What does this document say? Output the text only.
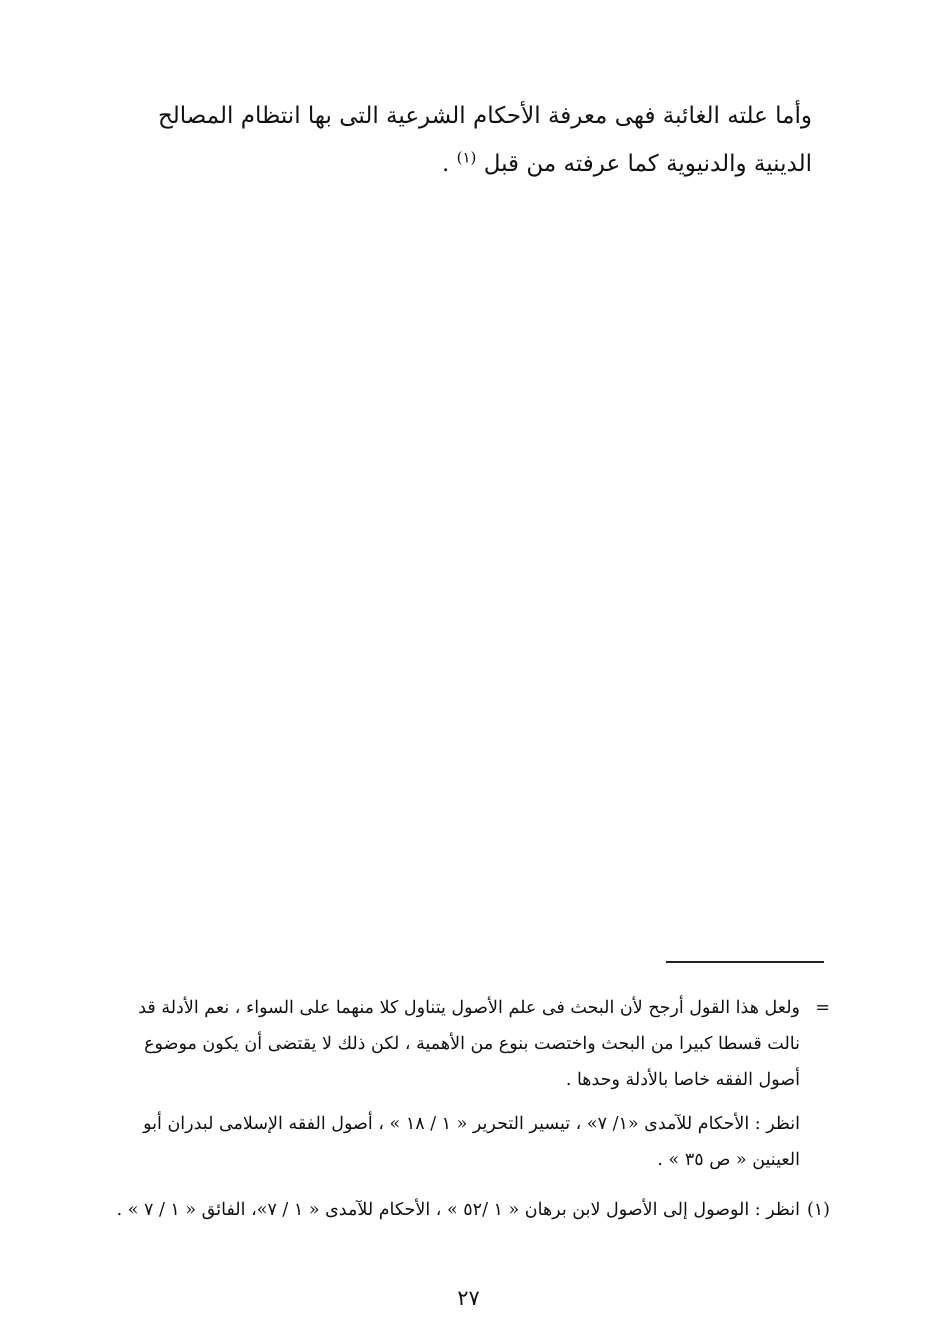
وأما علته الغائبة فهى معرفة الأحكام الشرعية التى بها انتظام المصالح

الدينية والدنيوية كما عرفته من قبل $^{(١)}$ .

=
ولعل هذا القول أرجح لأن البحث فى علم الأصول يتناول كلا منهما على السواء ، نعم الأدلة قد نالت قسطا كبيرا من البحث واختصت بنوع من الأهمية ، لكن ذلك لا يقتضى أن يكون موضوع أصول الفقه خاصا بالأدلة وحدها .
انظر : الأحكام للآمدى «١/ ٧» ، تيسير التحرير « ١ / ١٨ » ، أصول الفقه الإسلامى لبدران أبو العينين « ص ٣٥ » .
(١)
انظر : الوصول إلى الأصول لابن برهان « ١ /٥٢ » ، الأحكام للآمدى « ١ / ٧»، الفائق « ١ / ٧ » .
٢٧
